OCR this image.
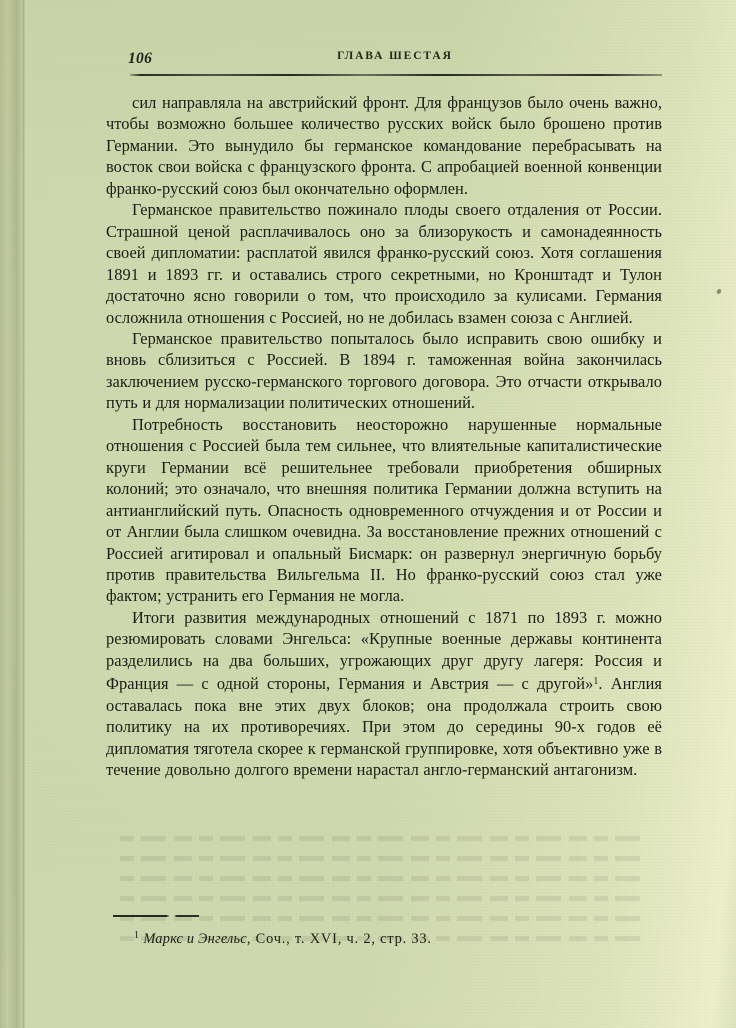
106	ГЛАВА ШЕСТАЯ

сил направляла на австрийский фронт. Для французов было очень важно, чтобы возможно большее количество русских войск было брошено против Германии. Это вынудило бы германское командование перебрасывать на восток свои войска с французского фронта. С апробацией военной конвенции франко-русский союз был окончательно оформлен.

Германское правительство пожинало плоды своего отдаления от России. Страшной ценой расплачивалось оно за близорукость и самонадеянность своей дипломатии: расплатой явился франко-русский союз. Хотя соглашения 1891 и 1893 гг. и оставались строго секретными, но Кронштадт и Тулон достаточно ясно говорили о том, что происходило за кулисами. Германия осложнила отношения с Россией, но не добилась взамен союза с Англией.

Германское правительство попыталось было исправить свою ошибку и вновь сблизиться с Россией. В 1894 г. таможенная война закончилась заключением русско-германского торгового договора. Это отчасти открывало путь и для нормализации политических отношений.

Потребность восстановить неосторожно нарушенные нормальные отношения с Россией была тем сильнее, что влиятельные капиталистические круги Германии всё решительнее требовали приобретения обширных колоний; это означало, что внешняя политика Германии должна вступить на антианглийский путь. Опасность одновременного отчуждения и от России и от Англии была слишком очевидна. За восстановление прежних отношений с Россией агитировал и опальный Бисмарк: он развернул энергичную борьбу против правительства Вильгельма II. Но франко-русский союз стал уже фактом; устранить его Германия не могла.

Итоги развития международных отношений с 1871 по 1893 г. можно резюмировать словами Энгельса: «Крупные военные державы континента разделились на два больших, угрожающих друг другу лагеря: Россия и Франция — с одной стороны, Германия и Австрия — с другой»$^1$. Англия оставалась пока вне этих двух блоков; она продолжала строить свою политику на их противоречиях. При этом до середины 90-х годов её дипломатия тяготела скорее к германской группировке, хотя объективно уже в течение довольно долгого времени нарастал англо-германский антагонизм.

$^1$ Маркс и Энгельс, Соч., т. XVI, ч. 2, стр. 33.
